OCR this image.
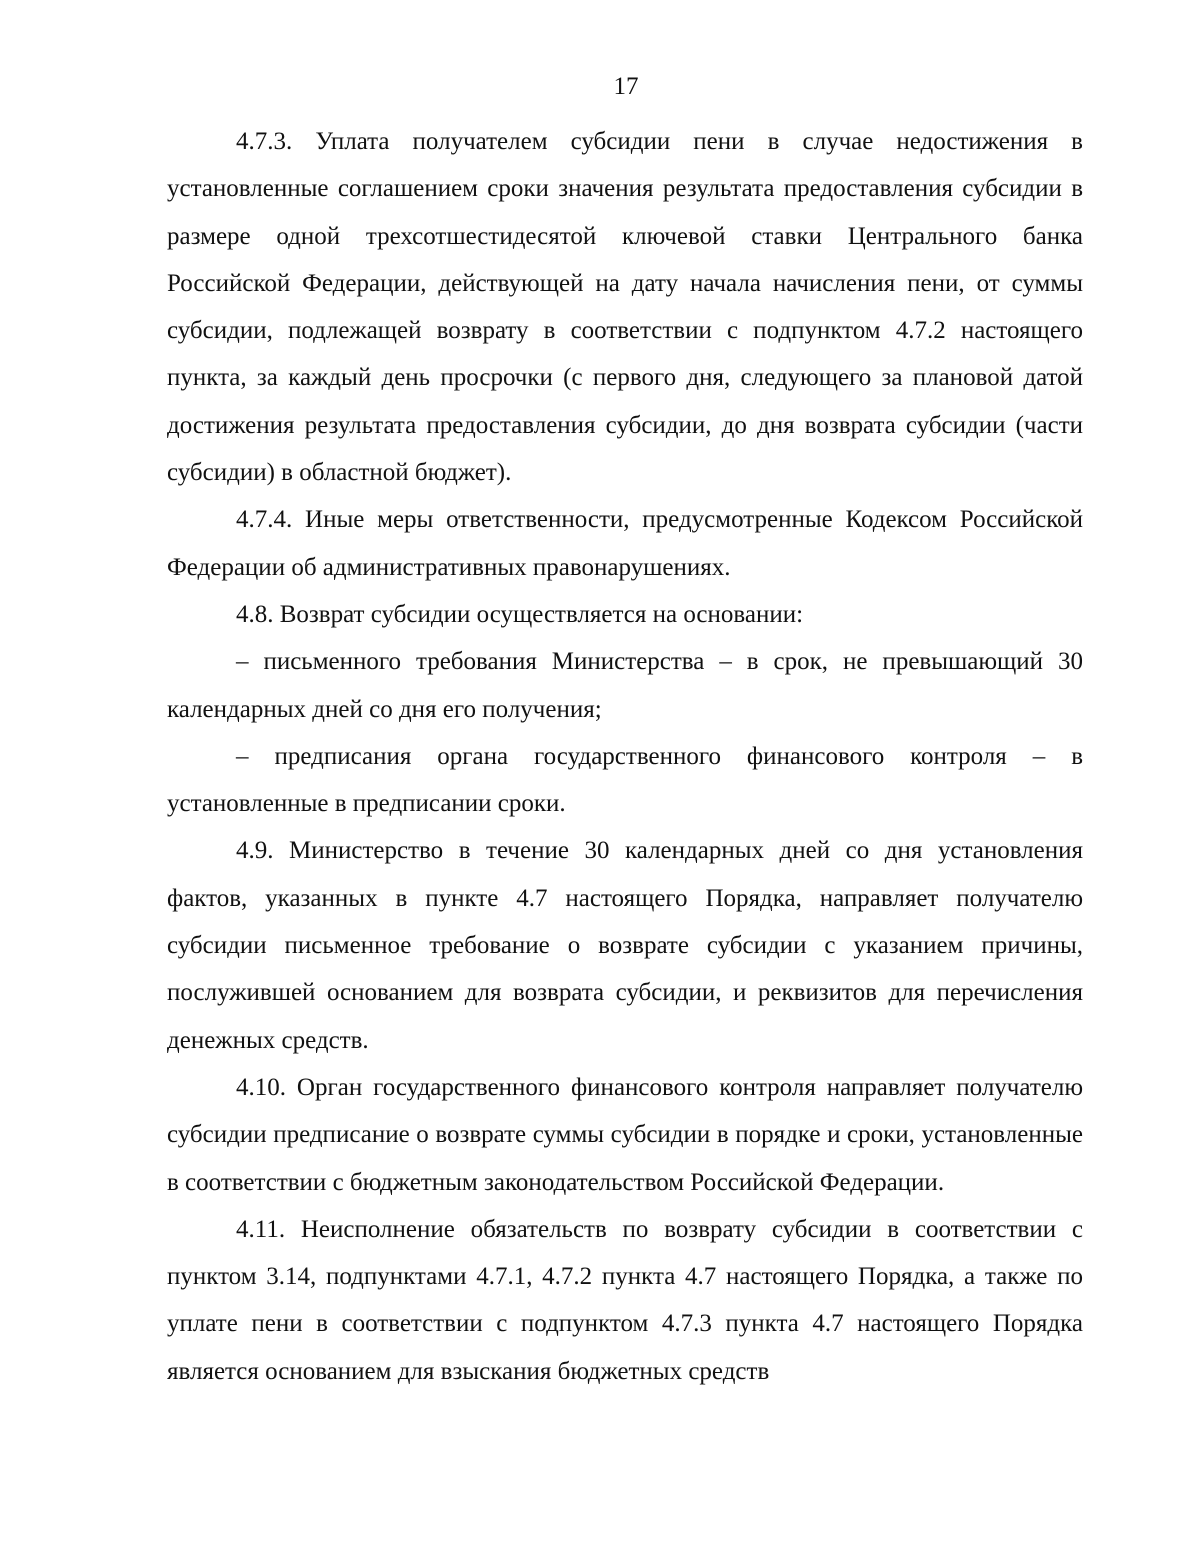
17

4.7.3. Уплата получателем субсидии пени в случае недостижения в установленные соглашением сроки значения результата предоставления субсидии в размере одной трехсотшестидесятой ключевой ставки Центрального банка Российской Федерации, действующей на дату начала начисления пени, от суммы субсидии, подлежащей возврату в соответствии с подпунктом 4.7.2 настоящего пункта, за каждый день просрочки (с первого дня, следующего за плановой датой достижения результата предоставления субсидии, до дня возврата субсидии (части субсидии) в областной бюджет).

4.7.4. Иные меры ответственности, предусмотренные Кодексом Российской Федерации об административных правонарушениях.

4.8. Возврат субсидии осуществляется на основании:

– письменного требования Министерства – в срок, не превышающий 30 календарных дней со дня его получения;

– предписания органа государственного финансового контроля – в установленные в предписании сроки.

4.9. Министерство в течение 30 календарных дней со дня установления фактов, указанных в пункте 4.7 настоящего Порядка, направляет получателю субсидии письменное требование о возврате субсидии с указанием причины, послужившей основанием для возврата субсидии, и реквизитов для перечисления денежных средств.

4.10. Орган государственного финансового контроля направляет получателю субсидии предписание о возврате суммы субсидии в порядке и сроки, установленные в соответствии с бюджетным законодательством Российской Федерации.

4.11. Неисполнение обязательств по возврату субсидии в соответствии с пунктом 3.14, подпунктами 4.7.1, 4.7.2 пункта 4.7 настоящего Порядка, а также по уплате пени в соответствии с подпунктом 4.7.3 пункта 4.7 настоящего Порядка является основанием для взыскания бюджетных средств
